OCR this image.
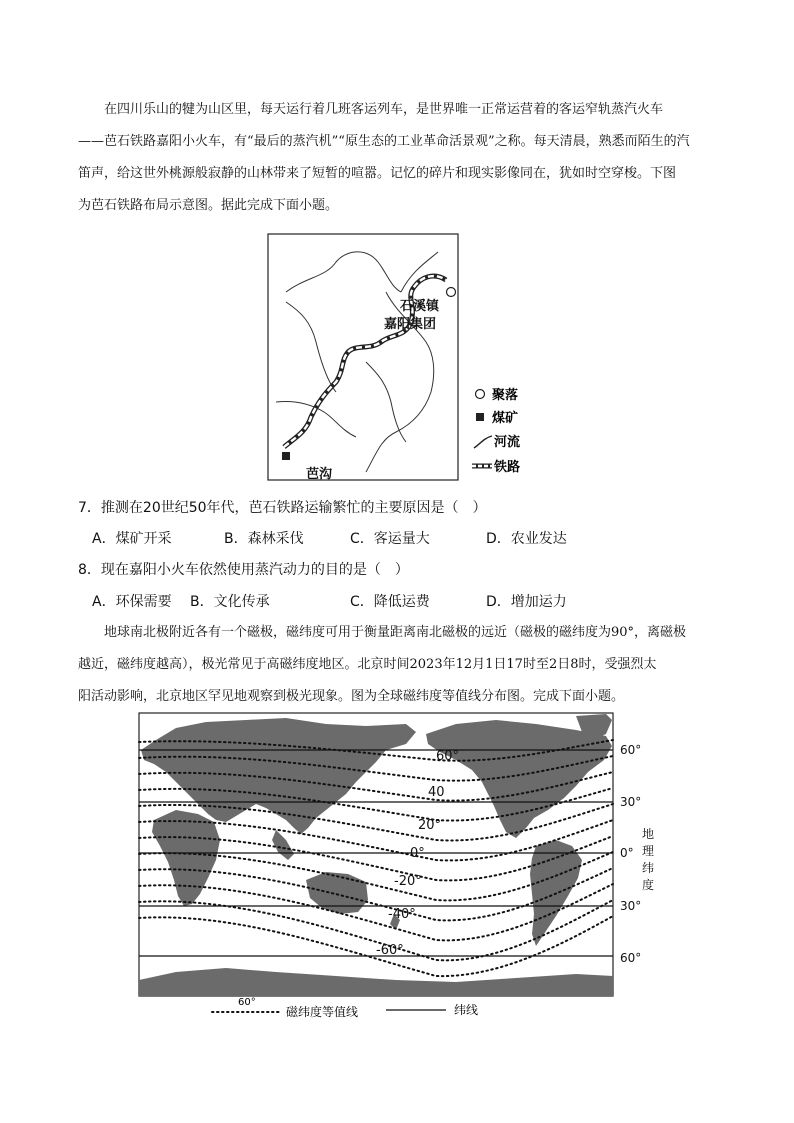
在四川乐山的犍为山区里，每天运行着几班客运列车，是世界唯一正常运营着的客运窄轨蒸汽火车
——芭石铁路嘉阳小火车，有“最后的蒸汽机”“原生态的工业革命活景观”之称。每天清晨，熟悉而陌生的汽
笛声，给这世外桃源般寂静的山林带来了短暂的喧嚣。记忆的碎片和现实影像同在，犹如时空穿梭。下图
为芭石铁路布局示意图。据此完成下面小题。
石溪镇
嘉阳集团
芭沟
聚落
煤矿
河流
铁路
7．推测在20世纪50年代，芭石铁路运输繁忙的主要原因是（　）
A．煤矿开采	B．森林采伐	C．客运量大	D．农业发达
8．现在嘉阳小火车依然使用蒸汽动力的目的是（　）
A．环保需要 B．文化传承	C．降低运费	D．增加运力
地球南北极附近各有一个磁极，磁纬度可用于衡量距离南北磁极的远近（磁极的磁纬度为90°，离磁极
越近，磁纬度越高），极光常见于高磁纬度地区。北京时间2023年12月1日17时至2日8时，受强烈太
阳活动影响，北京地区罕见地观察到极光现象。图为全球磁纬度等值线分布图。完成下面小题。
60°
40
20°
0°
-20°
-40°
-60°
60°
30°
0°
30°
60°
地
理
纬
度
60°
磁纬度等值线	纬线
